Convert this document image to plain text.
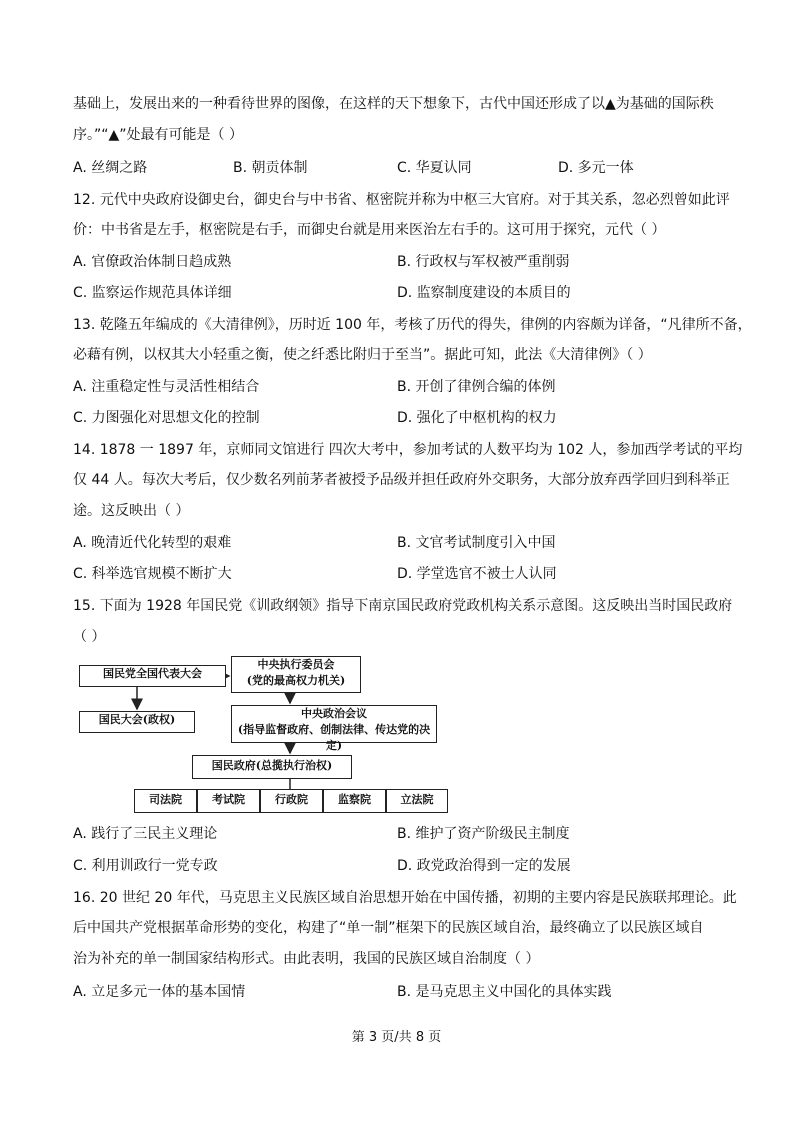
基础上，发展出来的一种看待世界的图像，在这样的天下想象下，古代中国还形成了以▲为基础的国际秩
序。”“▲”处最有可能是（ ）
A. 丝绸之路	B. 朝贡体制	C. 华夏认同	D. 多元一体
12. 元代中央政府设御史台，御史台与中书省、枢密院并称为中枢三大官府。对于其关系，忽必烈曾如此评
价：中书省是左手，枢密院是右手，而御史台就是用来医治左右手的。这可用于探究，元代（ ）
A. 官僚政治体制日趋成熟	B. 行政权与军权被严重削弱
C. 监察运作规范具体详细	D. 监察制度建设的本质目的
13. 乾隆五年编成的《大清律例》，历时近 100 年，考核了历代的得失，律例的内容颇为详备，“凡律所不备，
必藉有例，以权其大小轻重之衡，使之纤悉比附归于至当”。据此可知，此法《大清律例》（ ）
A. 注重稳定性与灵活性相结合	B. 开创了律例合编的体例
C. 力图强化对思想文化的控制	D. 强化了中枢机构的权力
14. 1878 一 1897 年，京师同文馆进行 四次大考中，参加考试的人数平均为 102 人，参加西学考试的平均
仅 44 人。每次大考后，仅少数名列前茅者被授予品级并担任政府外交职务，大部分放弃西学回归到科举正
途。这反映出（ ）
A. 晚清近代化转型的艰难	B. 文官考试制度引入中国
C. 科举选官规模不断扩大	D. 学堂选官不被士人认同
15. 下面为 1928 年国民党《训政纲领》指导下南京国民政府党政机构关系示意图。这反映出当时国民政府
（ ）
国民党全国代表大会
中央执行委员会
(党的最高权力机关)
国民大会(政权)	中央政治会议
(指导监督政府、创制法律、传达党的决定)
国民政府(总揽执行治权)
司法院	考试院	行政院	监察院	立法院
A. 践行了三民主义理论	B. 维护了资产阶级民主制度
C. 利用训政行一党专政	D. 政党政治得到一定的发展
16. 20 世纪 20 年代，马克思主义民族区域自治思想开始在中国传播，初期的主要内容是民族联邦理论。此
后中国共产党根据革命形势的变化，构建了“单一制”框架下的民族区域自治，最终确立了以民族区域自
治为补充的单一制国家结构形式。由此表明，我国的民族区域自治制度（ ）
A. 立足多元一体的基本国情	B. 是马克思主义中国化的具体实践
第 3 页/共 8 页
